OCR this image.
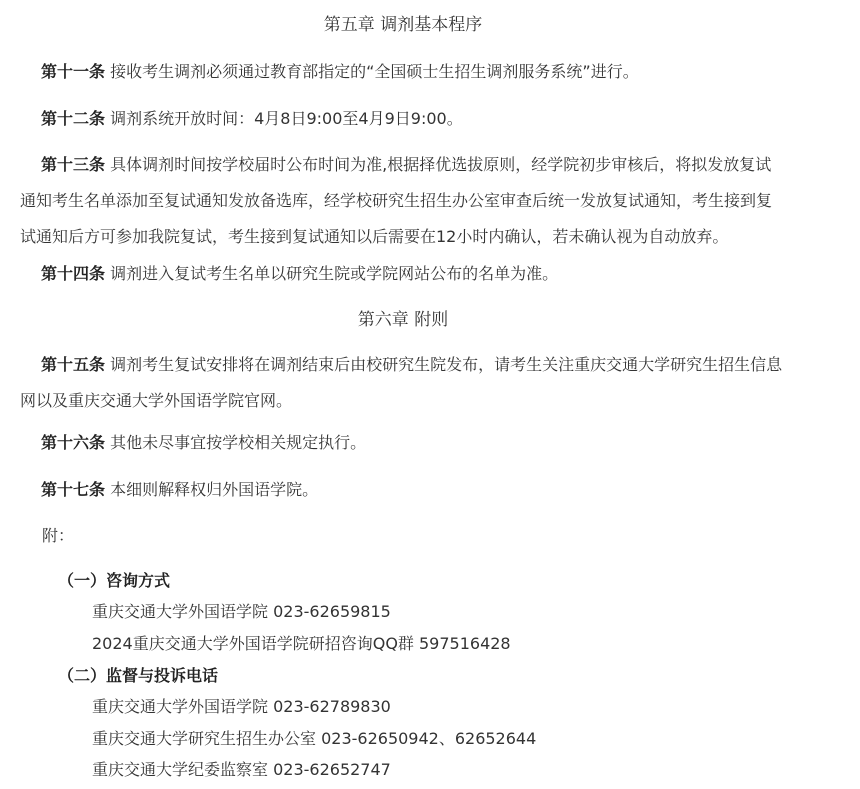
第五章 调剂基本程序

第十一条 接收考生调剂必须通过教育部指定的“全国硕士生招生调剂服务系统”进行。

第十二条 调剂系统开放时间：4月8日9:00至4月9日9:00。

第十三条 具体调剂时间按学校届时公布时间为准,根据择优选拔原则，经学院初步审核后，将拟发放复试通知考生名单添加至复试通知发放备选库，经学校研究生招生办公室审查后统一发放复试通知，考生接到复试通知后方可参加我院复试，考生接到复试通知以后需要在12小时内确认，若未确认视为自动放弃。

第十四条 调剂进入复试考生名单以研究生院或学院网站公布的名单为准。

第六章 附则

第十五条 调剂考生复试安排将在调剂结束后由校研究生院发布，请考生关注重庆交通大学研究生招生信息网以及重庆交通大学外国语学院官网。

第十六条 其他未尽事宜按学校相关规定执行。

第十七条 本细则解释权归外国语学院。

附：
（一）咨询方式
重庆交通大学外国语学院 023-62659815
2024重庆交通大学外国语学院研招咨询QQ群 597516428
（二）监督与投诉电话
重庆交通大学外国语学院 023-62789830
重庆交通大学研究生招生办公室 023-62650942、62652644
重庆交通大学纪委监察室 023-62652747
